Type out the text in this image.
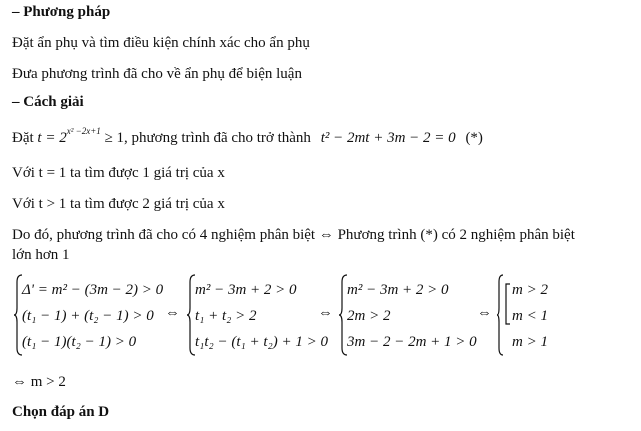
– Phương pháp
Đặt ẩn phụ và tìm điều kiện chính xác cho ẩn phụ
Đưa phương trình đã cho về ẩn phụ để biện luận
– Cách giải
Đặt $t = 2^{x^2 -2x+1} \ge 1$, phương trình đã cho trở thành t² − 2mt + 3m − 2 = 0 (*)
Với t = 1 ta tìm được 1 giá trị của x
Với t > 1 ta tìm được 2 giá trị của x
Do đó, phương trình đã cho có 4 nghiệm phân biệt ⇔ Phương trình (*) có 2 nghiệm phân biệt
lớn hơn 1
Δ' = m² − (3m − 2) > 0
(t₁ − 1) + (t₂ − 1) > 0
(t₁ − 1)(t₂ − 1) > 0
⇔
m² − 3m + 2 > 0
t₁ + t₂ > 2
t₁t₂ − (t₁ + t₂) + 1 > 0
⇔
m² − 3m + 2 > 0
2m > 2
3m − 2 − 2m + 1 > 0
⇔
m > 2
m < 1
m > 1
⇔ m > 2
Chọn đáp án D
